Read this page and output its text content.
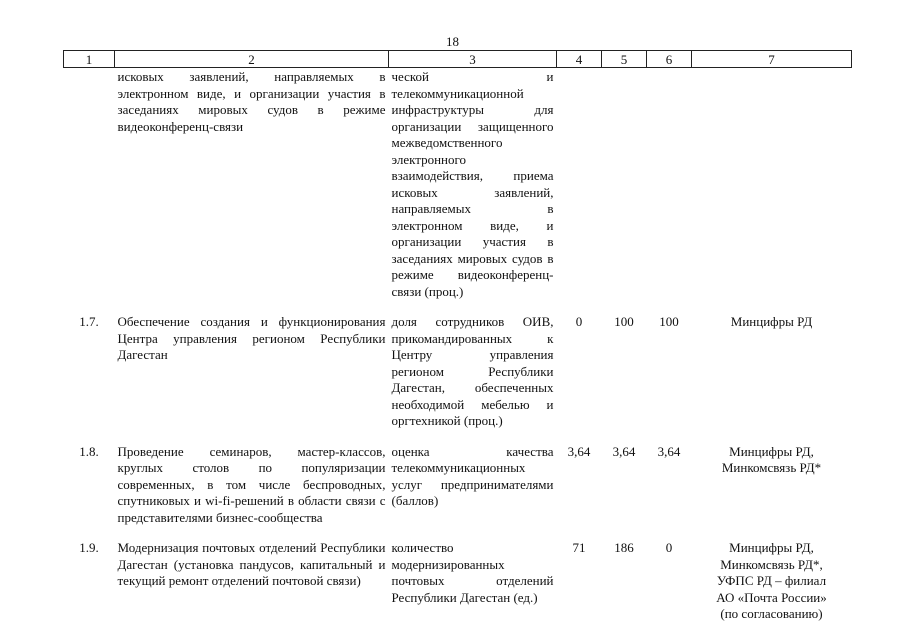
18
1	2	3	4	5	6	7
	исковых заявлений, направляемых в электронном виде, и организации участия в заседаниях мировых судов в режиме видеоконференц-связи	ческой и телекоммуникационной инфраструктуры для организации защищенного межведомственного электронного взаимодействия, приема исковых заявлений, направляемых в электронном виде, и организации участия в заседаниях мировых судов в режиме видеоконференц-связи (проц.)				
1.7.	Обеспечение создания и функционирования Центра управления регионом Республики Дагестан	доля сотрудников ОИВ, прикомандированных к Центру управления регионом Республики Дагестан, обеспеченных необходимой мебелью и оргтехникой (проц.)	0	100	100	Минцифры РД

1.8.	Проведение семинаров, мастер-классов, круглых столов по популяризации современных, в том числе беспроводных, спутниковых и wi-fi-решений в области связи с представителями бизнес-сообщества	оценка качества телекоммуникационных услуг предпринимателями (баллов)	3,64	3,64	3,64	Минцифры РД,
Минкомсвязь РД*

1.9.	Модернизация почтовых отделений Республики Дагестан (установка пандусов, капитальный и текущий ремонт отделений почтовой связи)	количество модернизированных почтовых отделений Республики Дагестан (ед.)	71	186	0	Минцифры РД,
Минкомсвязь РД*,
УФПС РД – филиал
АО «Почта России»
(по согласованию)
